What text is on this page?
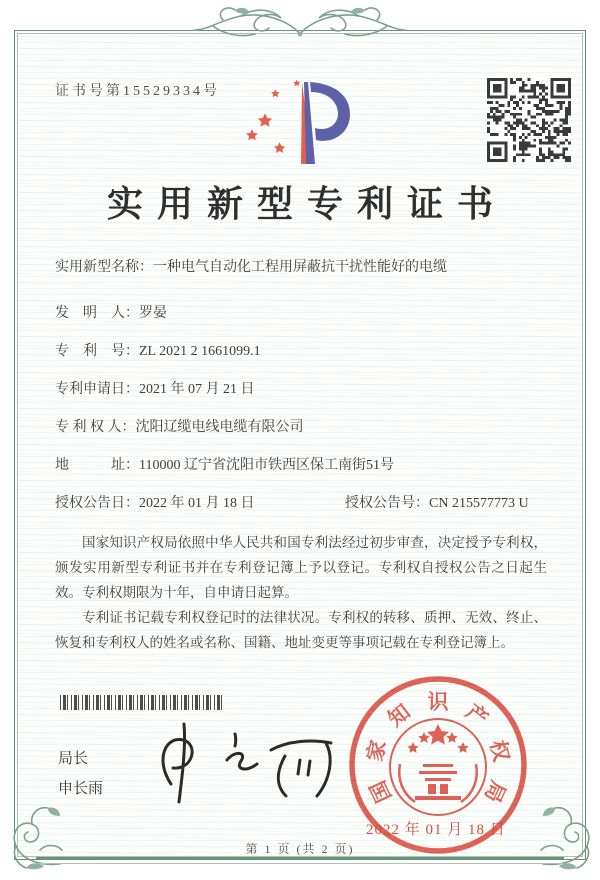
证书号第15529334号
实用新型专利证书
实用新型名称：一种电气自动化工程用屏蔽抗干扰性能好的电缆
发　明　人：罗晏
专　利　号：ZL 2021 2 1661099.1
专利申请日：2021 年 07 月 21 日
专 利 权 人：沈阳辽缆电线电缆有限公司
地　　　址：110000 辽宁省沈阳市铁西区保工南街51号
授权公告日：2022 年 01 月 18 日	授权公告号：CN 215577773 U

国家知识产权局依照中华人民共和国专利法经过初步审查，决定授予专利权，颁发实用新型专利证书并在专利登记簿上予以登记。专利权自授权公告之日起生效。专利权期限为十年，自申请日起算。

专利证书记载专利权登记时的法律状况。专利权的转移、质押、无效、终止、恢复和专利权人的姓名或名称、国籍、地址变更等事项记载在专利登记簿上。

局长
申长雨	国
家
知 识 产
权
局
2022 年 01 月 18 日
第 1 页 (共 2 页)
